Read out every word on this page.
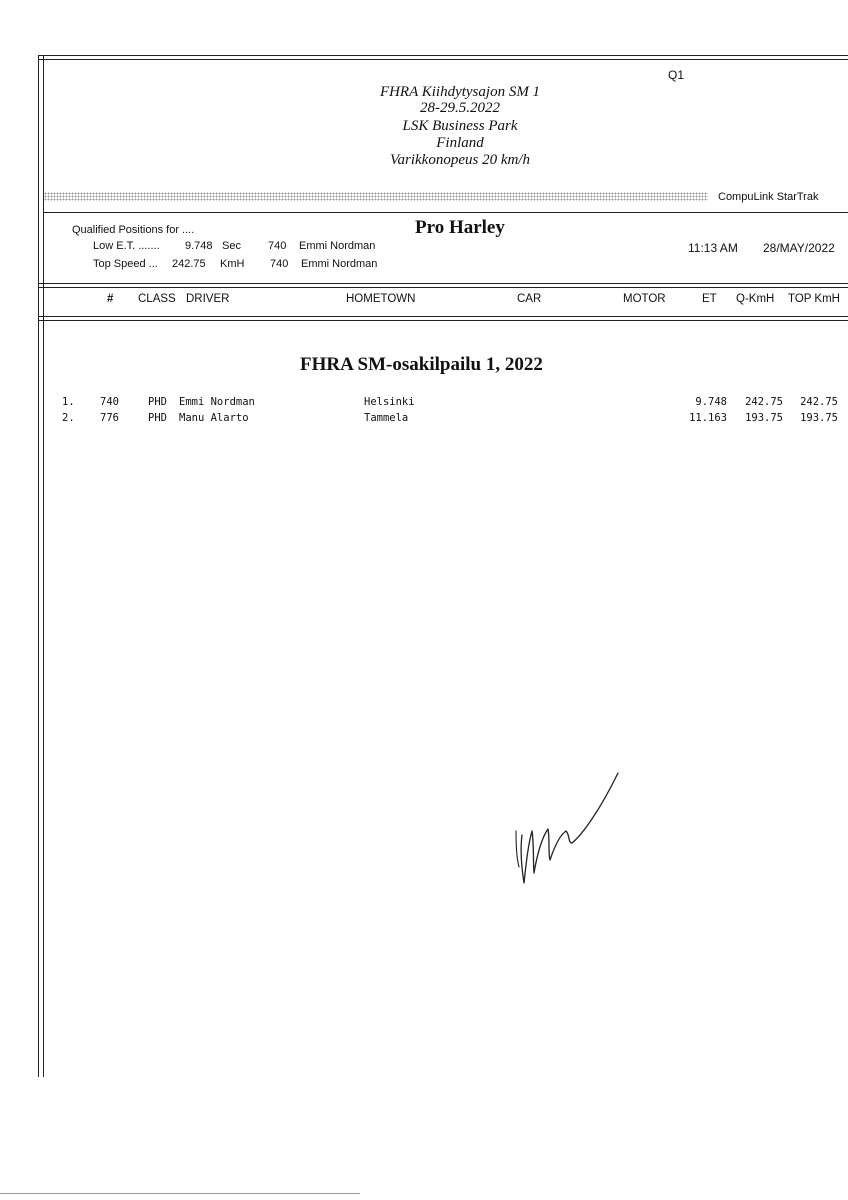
Q1
FHRA Kiihdytysajon SM 1
28-29.5.2022
LSK Business Park
Finland
Varikkonopeus 20 km/h
CompuLink StarTrak
Qualified Positions for ....	Pro Harley
Low E.T. ....... 9.748 Sec 740 Emmi Nordman
Top Speed ... 242.75 KmH 740 Emmi Nordman
11:13 AM 28/MAY/2022
# CLASS DRIVER	HOMETOWN	CAR	MOTOR	ET Q-KmH TOP KmH
FHRA SM-osakilpailu 1, 2022
1. 740	PHD Emmi Nordman	Helsinki	9.748	242.75	242.75
2. 776	PHD Manu Alarto	Tammela	11.163	193.75	193.75
